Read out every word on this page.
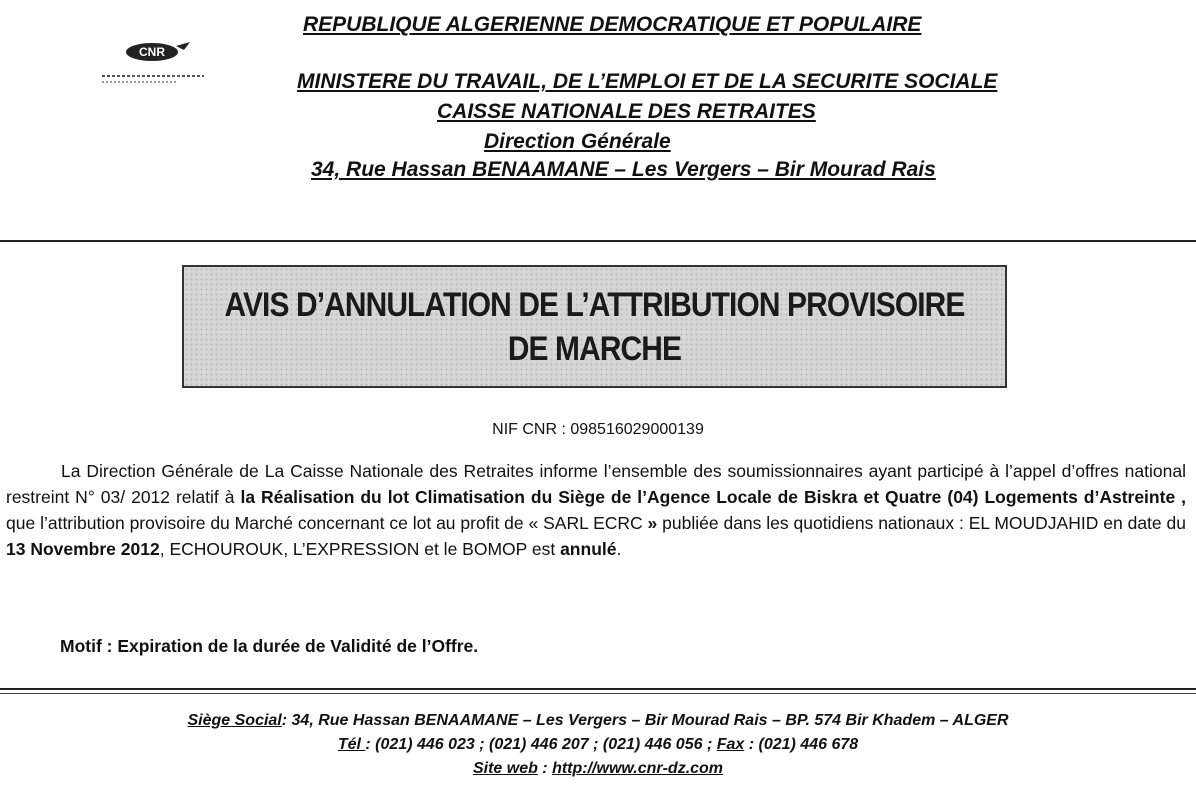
CNR
REPUBLIQUE ALGERIENNE DEMOCRATIQUE ET POPULAIRE
MINISTERE DU TRAVAIL, DE L’EMPLOI ET DE LA SECURITE SOCIALE
CAISSE NATIONALE DES RETRAITES
Direction Générale
34, Rue Hassan BENAAMANE – Les Vergers – Bir Mourad Rais
AVIS D’ANNULATION DE L’ATTRIBUTION PROVISOIRE
DE MARCHE
NIF CNR : 098516029000139
La Direction Générale de La Caisse Nationale des Retraites informe l’ensemble des soumissionnaires ayant participé à l’appel d’offres national restreint N° 03/ 2012 relatif à la Réalisation du lot Climatisation du Siège de l’Agence Locale de Biskra et Quatre (04) Logements d’Astreinte , que l’attribution provisoire du Marché concernant ce lot au profit de « SARL ECRC » publiée dans les quotidiens nationaux : EL MOUDJAHID en date du 13 Novembre 2012, ECHOUROUK, L’EXPRESSION et le BOMOP est annulé.
Motif : Expiration de la durée de Validité de l’Offre.
Siège Social: 34, Rue Hassan BENAAMANE – Les Vergers – Bir Mourad Rais – BP. 574 Bir Khadem – ALGER
Tél : (021) 446 023 ; (021) 446 207 ; (021) 446 056 ; Fax : (021) 446 678
Site web : http://www.cnr-dz.com
